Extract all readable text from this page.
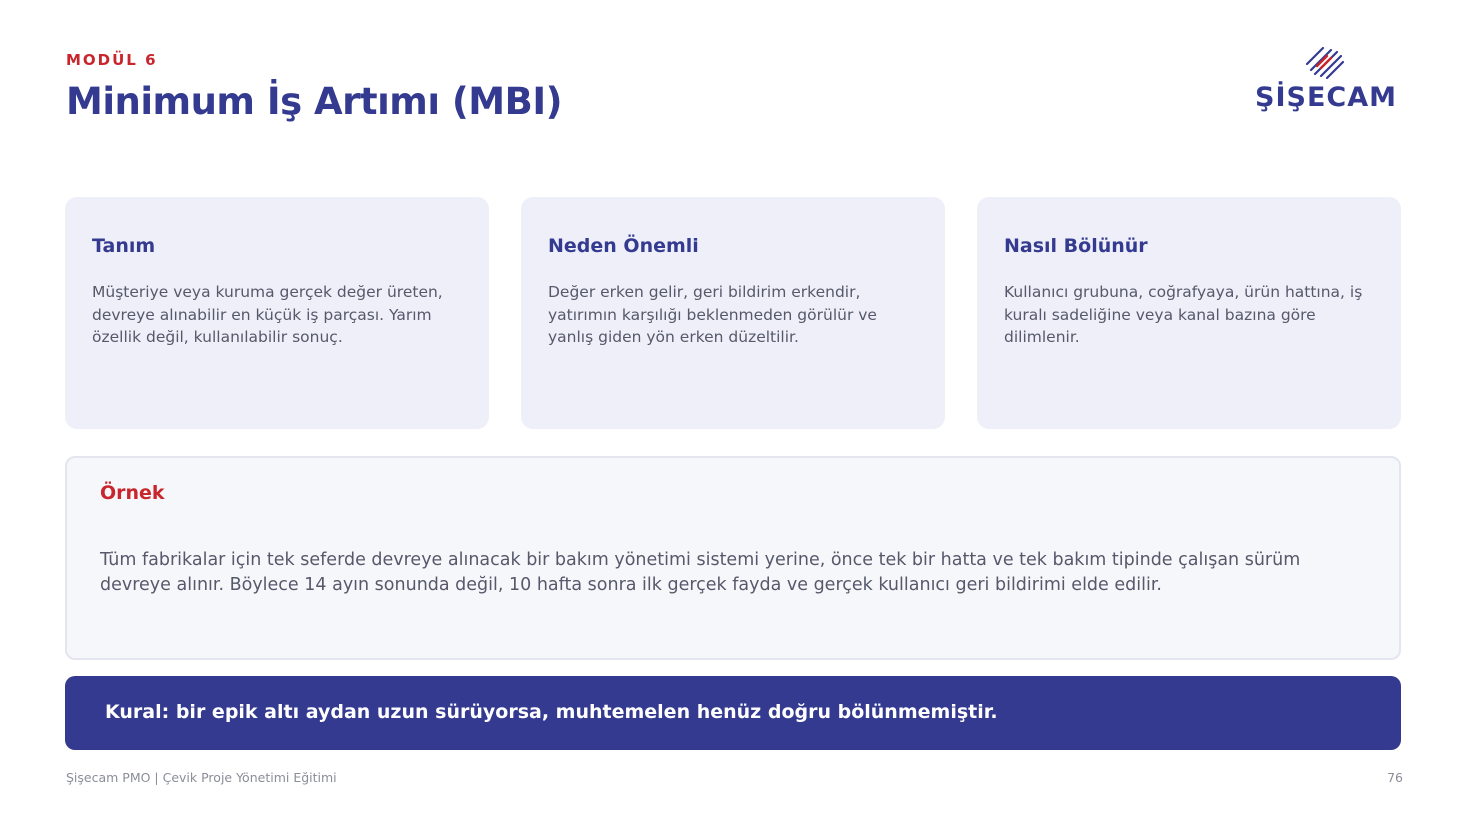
MODÜL 6
Minimum İş Artımı (MBI)	ŞİŞECAM
Tanım

Müşteriye veya kuruma gerçek değer üreten, devreye alınabilir en küçük iş parçası. Yarım özellik değil, kullanılabilir sonuç.

Neden Önemli

Değer erken gelir, geri bildirim erkendir, yatırımın karşılığı beklenmeden görülür ve yanlış giden yön erken düzeltilir.

Nasıl Bölünür

Kullanıcı grubuna, coğrafyaya, ürün hattına, iş kuralı sadeliğine veya kanal bazına göre dilimlenir.

Örnek

Tüm fabrikalar için tek seferde devreye alınacak bir bakım yönetimi sistemi yerine, önce tek bir hatta ve tek bakım tipinde çalışan sürüm devreye alınır. Böylece 14 ayın sonunda değil, 10 hafta sonra ilk gerçek fayda ve gerçek kullanıcı geri bildirimi elde edilir.

Kural: bir epik altı aydan uzun sürüyorsa, muhtemelen henüz doğru bölünmemiştir.
Şişecam PMO | Çevik Proje Yönetimi Eğitimi	76
